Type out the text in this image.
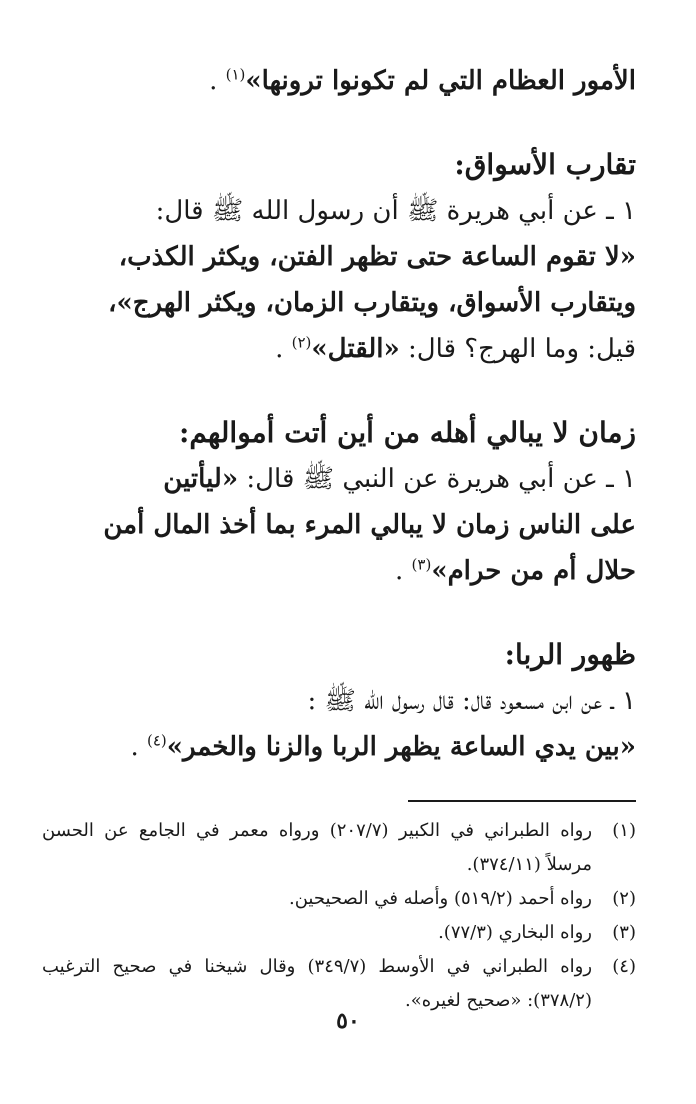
الأمور العظام التي لم تكونوا ترونها»$^{(١)}$ .

تقارب الأسواق:

١ ـ عن أبي هريرة ﷺ أن رسول الله ﷺ قال:

«لا تقوم الساعة حتى تظهر الفتن، ويكثر الكذب،

ويتقارب الأسواق، ويتقارب الزمان، ويكثر الهرج»،

قيل: وما الهرج؟ قال: «القتل»$^{(٢)}$ .

زمان لا يبالي أهله من أين أتت أموالهم:

١ ـ عن أبي هريرة عن النبي ﷺ قال: «ليأتين

على الناس زمان لا يبالي المرء بما أخذ المال أمن

حلال أم من حرام»$^{(٣)}$ .

ظهور الربا:

١ ـ عن ابن مسعود قال: قال رسول الله ﷺ :

«بين يدي الساعة يظهر الربا والزنا والخمر»$^{(٤)}$ .

(١)
رواه الطبراني في الكبير (٢٠٧/٧) ورواه معمر في الجامع عن الحسن مرسلاً (٣٧٤/١١).
(٢)
رواه أحمد (٥١٩/٢) وأصله في الصحيحين.
(٣)
رواه البخاري (٧٧/٣).
(٤)
رواه الطبراني في الأوسط (٣٤٩/٧) وقال شيخنا في صحيح الترغيب (٣٧٨/٢): «صحيح لغيره».
٥٠
